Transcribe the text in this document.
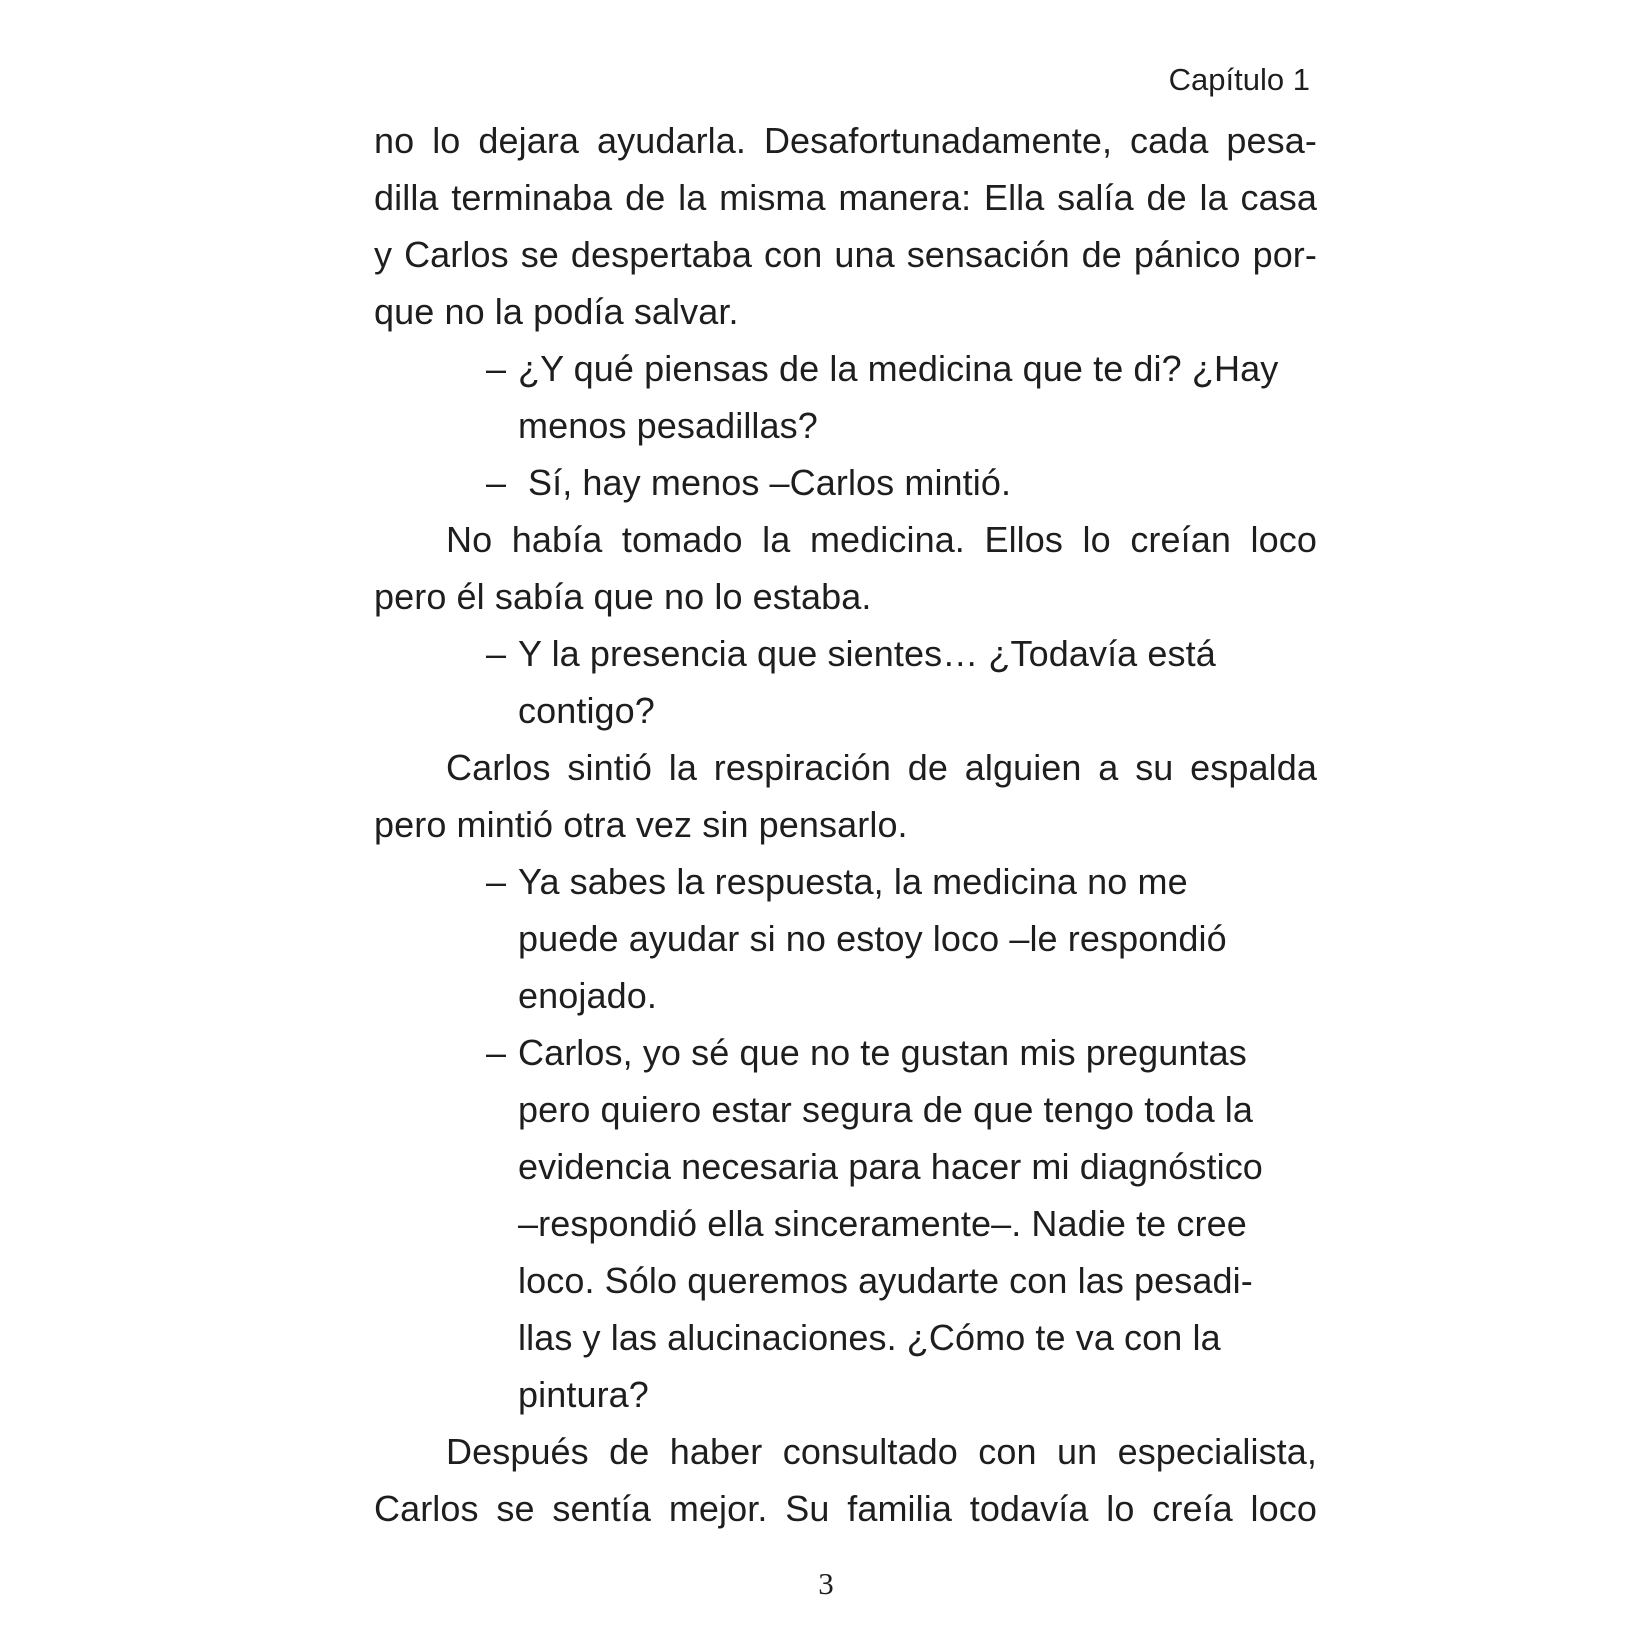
Capítulo 1
no lo dejara ayudarla. Desafortunadamente, cada pesa-
dilla terminaba de la misma manera: Ella salía de la casa
y Carlos se despertaba con una sensación de pánico por-
que no la podía salvar.
– ¿Y qué piensas de la medicina que te di? ¿Hay
menos pesadillas?
– Sí, hay menos –Carlos mintió.
No había tomado la medicina. Ellos lo creían loco
pero él sabía que no lo estaba.
– Y la presencia que sientes… ¿Todavía está
contigo?
Carlos sintió la respiración de alguien a su espalda
pero mintió otra vez sin pensarlo.
– Ya sabes la respuesta, la medicina no me
puede ayudar si no estoy loco –le respondió
enojado.
– Carlos, yo sé que no te gustan mis preguntas
pero quiero estar segura de que tengo toda la
evidencia necesaria para hacer mi diagnóstico
–respondió ella sinceramente–. Nadie te cree
loco. Sólo queremos ayudarte con las pesadi-
llas y las alucinaciones. ¿Cómo te va con la
pintura?
Después de haber consultado con un especialista,
Carlos se sentía mejor. Su familia todavía lo creía loco
3
